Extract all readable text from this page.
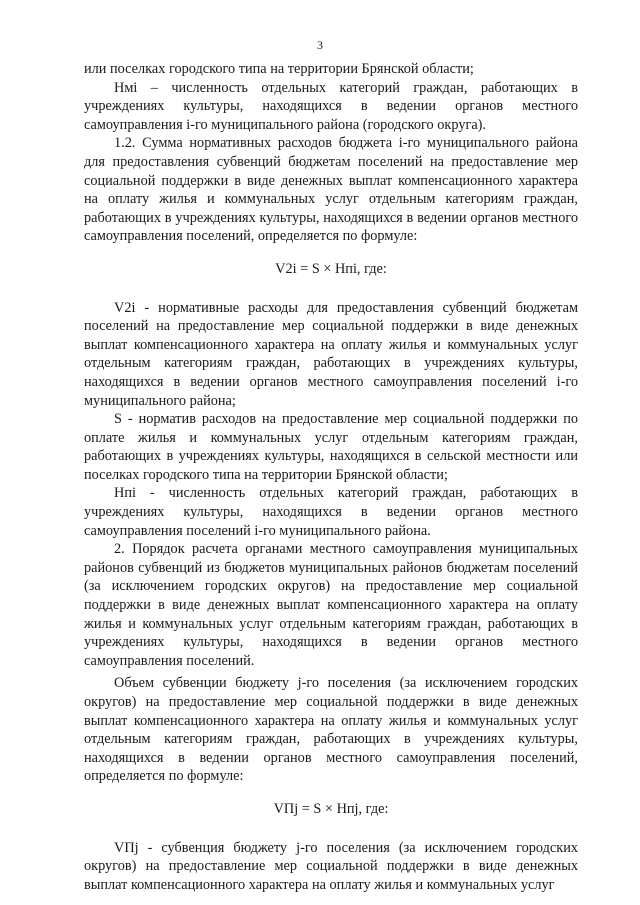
3

или поселках городского типа на территории Брянской области;

Hмi – численность отдельных категорий граждан, работающих в учреждениях культуры, находящихся в ведении органов местного самоуправления i-го муниципального района (городского округа).

1.2. Сумма нормативных расходов бюджета i-го муниципального района для предоставления субвенций бюджетам поселений на предоставление мер социальной поддержки в виде денежных выплат компенсационного характера на оплату жилья и коммунальных услуг отдельным категориям граждан, работающих в учреждениях культуры, находящихся в ведении органов местного самоуправления поселений, определяется по формуле:

V2i = S × Hпi, где:

V2i - нормативные расходы для предоставления субвенций бюджетам поселений на предоставление мер социальной поддержки в виде денежных выплат компенсационного характера на оплату жилья и коммунальных услуг отдельным категориям граждан, работающих в учреждениях культуры, находящихся в ведении органов местного самоуправления поселений i-го муниципального района;

S - норматив расходов на предоставление мер социальной поддержки по оплате жилья и коммунальных услуг отдельным категориям граждан, работающих в учреждениях культуры, находящихся в сельской местности или поселках городского типа на территории Брянской области;

Hпi - численность отдельных категорий граждан, работающих в учреждениях культуры, находящихся в ведении органов местного самоуправления поселений i-го муниципального района.

2. Порядок расчета органами местного самоуправления муниципальных районов субвенций из бюджетов муниципальных районов бюджетам поселений (за исключением городских округов) на предоставление мер социальной поддержки в виде денежных выплат компенсационного характера на оплату жилья и коммунальных услуг отдельным категориям граждан, работающих в учреждениях культуры, находящихся в ведении органов местного самоуправления поселений.

Объем субвенции бюджету j-го поселения (за исключением городских округов) на предоставление мер социальной поддержки в виде денежных выплат компенсационного характера на оплату жилья и коммунальных услуг отдельным категориям граждан, работающих в учреждениях культуры, находящихся в ведении органов местного самоуправления поселений, определяется по формуле:

VПj = S × Hпj, где:

VПj - субвенция бюджету j-го поселения (за исключением городских округов) на предоставление мер социальной поддержки в виде денежных выплат компенсационного характера на оплату жилья и коммунальных услуг
